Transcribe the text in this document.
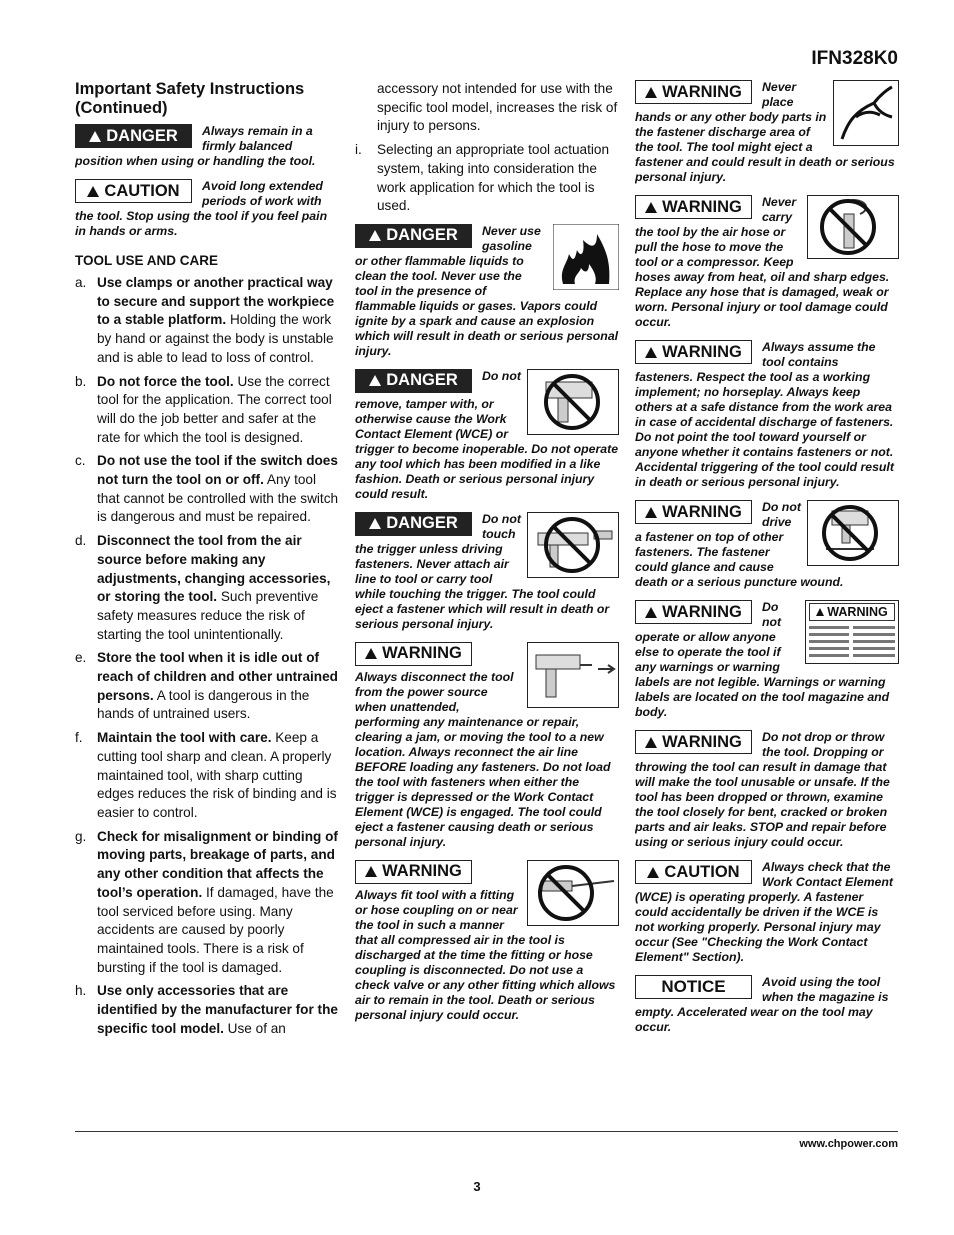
IFN328K0
Important Safety Instructions (Continued)
DANGER	Always remain in a firmly balanced position when using or handling the tool.

CAUTION	Avoid long extended periods of work with the tool. Stop using the tool if you feel pain in hands or arms.

TOOL USE AND CARE
a. Use clamps or another practical way to secure and support the workpiece to a stable platform. Holding the work by hand or against the body is unstable and is able to lead to loss of control.
b. Do not force the tool. Use the correct tool for the application. The correct tool will do the job better and safer at the rate for which the tool is designed.
c. Do not use the tool if the switch does not turn the tool on or off. Any tool that cannot be controlled with the switch is dangerous and must be repaired.
d. Disconnect the tool from the air source before making any adjustments, changing accessories, or storing the tool. Such preventive safety measures reduce the risk of starting the tool unintentionally.
e. Store the tool when it is idle out of reach of children and other untrained persons. A tool is dangerous in the hands of untrained users.
f. Maintain the tool with care. Keep a cutting tool sharp and clean. A properly maintained tool, with sharp cutting edges reduces the risk of binding and is easier to control.
g. Check for misalignment or binding of moving parts, breakage of parts, and any other condition that affects the tool’s operation. If damaged, have the tool serviced before using. Many accidents are caused by poorly maintained tools. There is a risk of bursting if the tool is damaged.
h. Use only accessories that are identified by the manufacturer for the specific tool model. Use of an
accessory not intended for use with the specific tool model, increases the risk of injury to persons.
i. Selecting an appropriate tool actuation system, taking into consideration the work application for which the tool is used.
DANGER	Never use gasoline or other flammable liquids to clean the tool. Never use the tool in the presence of flammable liquids or gases. Vapors could ignite by a spark and cause an explosion which will result in death or serious personal injury.

DANGER	Do not remove, tamper with, or otherwise cause the Work Contact Element (WCE) or trigger to become inoperable. Do not operate any tool which has been modified in a like fashion. Death or serious personal injury could result.

DANGER	Do not touch the trigger unless driving fasteners. Never attach air line to tool or carry tool while touching the trigger. The tool could eject a fastener which will result in death or serious personal injury.

WARNING

Always disconnect the tool from the power source when unattended, performing any maintenance or repair, clearing a jam, or moving the tool to a new location. Always reconnect the air line BEFORE loading any fasteners. Do not load the tool with fasteners when either the trigger is depressed or the Work Contact Element (WCE) is engaged. The tool could eject a fastener causing death or serious personal injury.

WARNING

Always fit tool with a fitting or hose coupling on or near the tool in such a manner that all compressed air in the tool is discharged at the time the fitting or hose coupling is disconnected. Do not use a check valve or any other fitting which allows air to remain in the tool. Death or serious personal injury could occur.

WARNING	Never place hands or any other body parts in the fastener discharge area of the tool. The tool might eject a fastener and could result in death or serious personal injury.

WARNING	Never carry the tool by the air hose or pull the hose to move the tool or a compressor. Keep hoses away from heat, oil and sharp edges. Replace any hose that is damaged, weak or worn. Personal injury or tool damage could occur.

WARNING	Always assume the tool contains fasteners. Respect the tool as a working implement; no horseplay. Always keep others at a safe distance from the work area in case of accidental discharge of fasteners. Do not point the tool toward yourself or anyone whether it contains fasteners or not. Accidental triggering of the tool could result in death or serious personal injury.

WARNING	Do not drive a fastener on top of other fasteners. The fastener could glance and cause death or a serious puncture wound.

WARNING
WARNING	Do not operate or allow anyone else to operate the tool if any warnings or warning labels are not legible. Warnings or warning labels are located on the tool magazine and body.

WARNING	Do not drop or throw the tool. Dropping or throwing the tool can result in damage that will make the tool unusable or unsafe. If the tool has been dropped or thrown, examine the tool closely for bent, cracked or broken parts and air leaks. STOP and repair before using or serious injury could occur.

CAUTION	Always check that the Work Contact Element (WCE) is operating properly. A fastener could accidentally be driven if the WCE is not working properly. Personal injury may occur (See "Checking the Work Contact Element" Section).

NOTICE	Avoid using the tool when the magazine is empty. Accelerated wear on the tool may occur.

www.chpower.com
3
